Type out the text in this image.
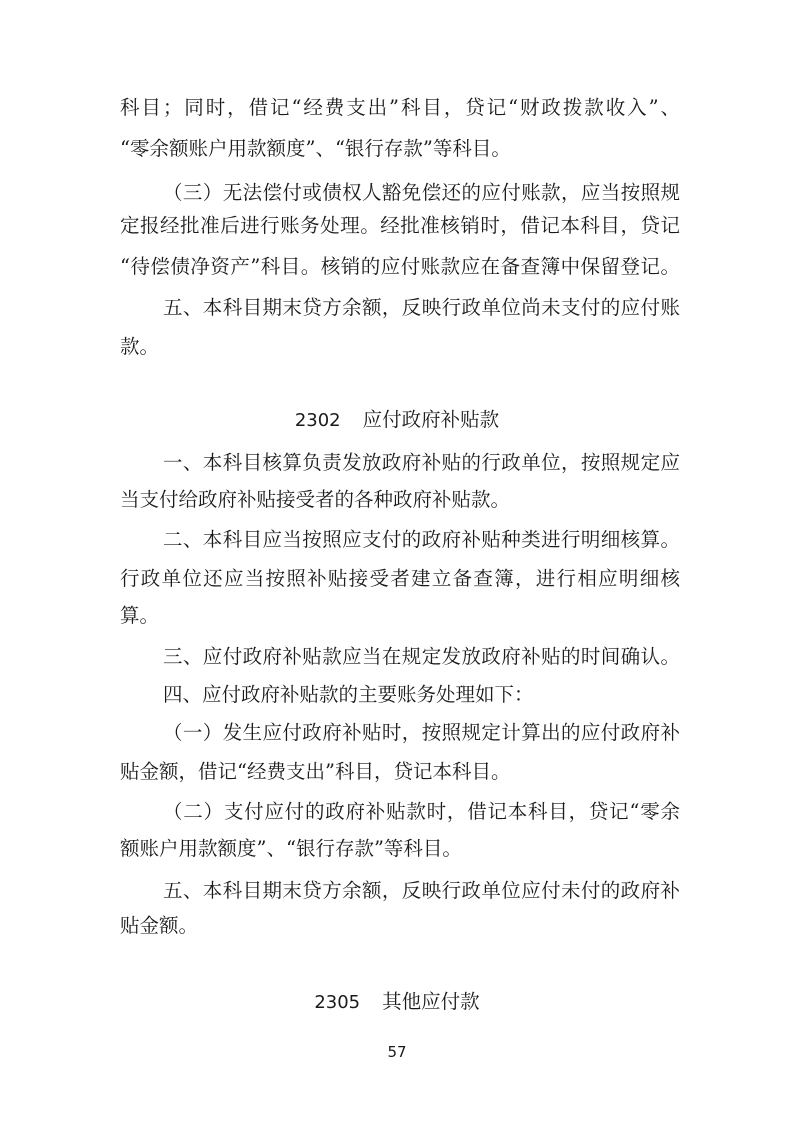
科目；同时，借记“经费支出”科目，贷记“财政拨款收入”、
“零余额账户用款额度”、“银行存款”等科目。
（三）无法偿付或债权人豁免偿还的应付账款，应当按照规
定报经批准后进行账务处理。经批准核销时，借记本科目，贷记
“待偿债净资产”科目。核销的应付账款应在备查簿中保留登记。
五、本科目期末贷方余额，反映行政单位尚未支付的应付账
款。
2302 应付政府补贴款
一、本科目核算负责发放政府补贴的行政单位，按照规定应
当支付给政府补贴接受者的各种政府补贴款。
二、本科目应当按照应支付的政府补贴种类进行明细核算。
行政单位还应当按照补贴接受者建立备查簿，进行相应明细核
算。
三、应付政府补贴款应当在规定发放政府补贴的时间确认。
四、应付政府补贴款的主要账务处理如下：
（一）发生应付政府补贴时，按照规定计算出的应付政府补
贴金额，借记“经费支出”科目，贷记本科目。
（二）支付应付的政府补贴款时，借记本科目，贷记“零余
额账户用款额度”、“银行存款”等科目。
五、本科目期末贷方余额，反映行政单位应付未付的政府补
贴金额。
2305 其他应付款
57
